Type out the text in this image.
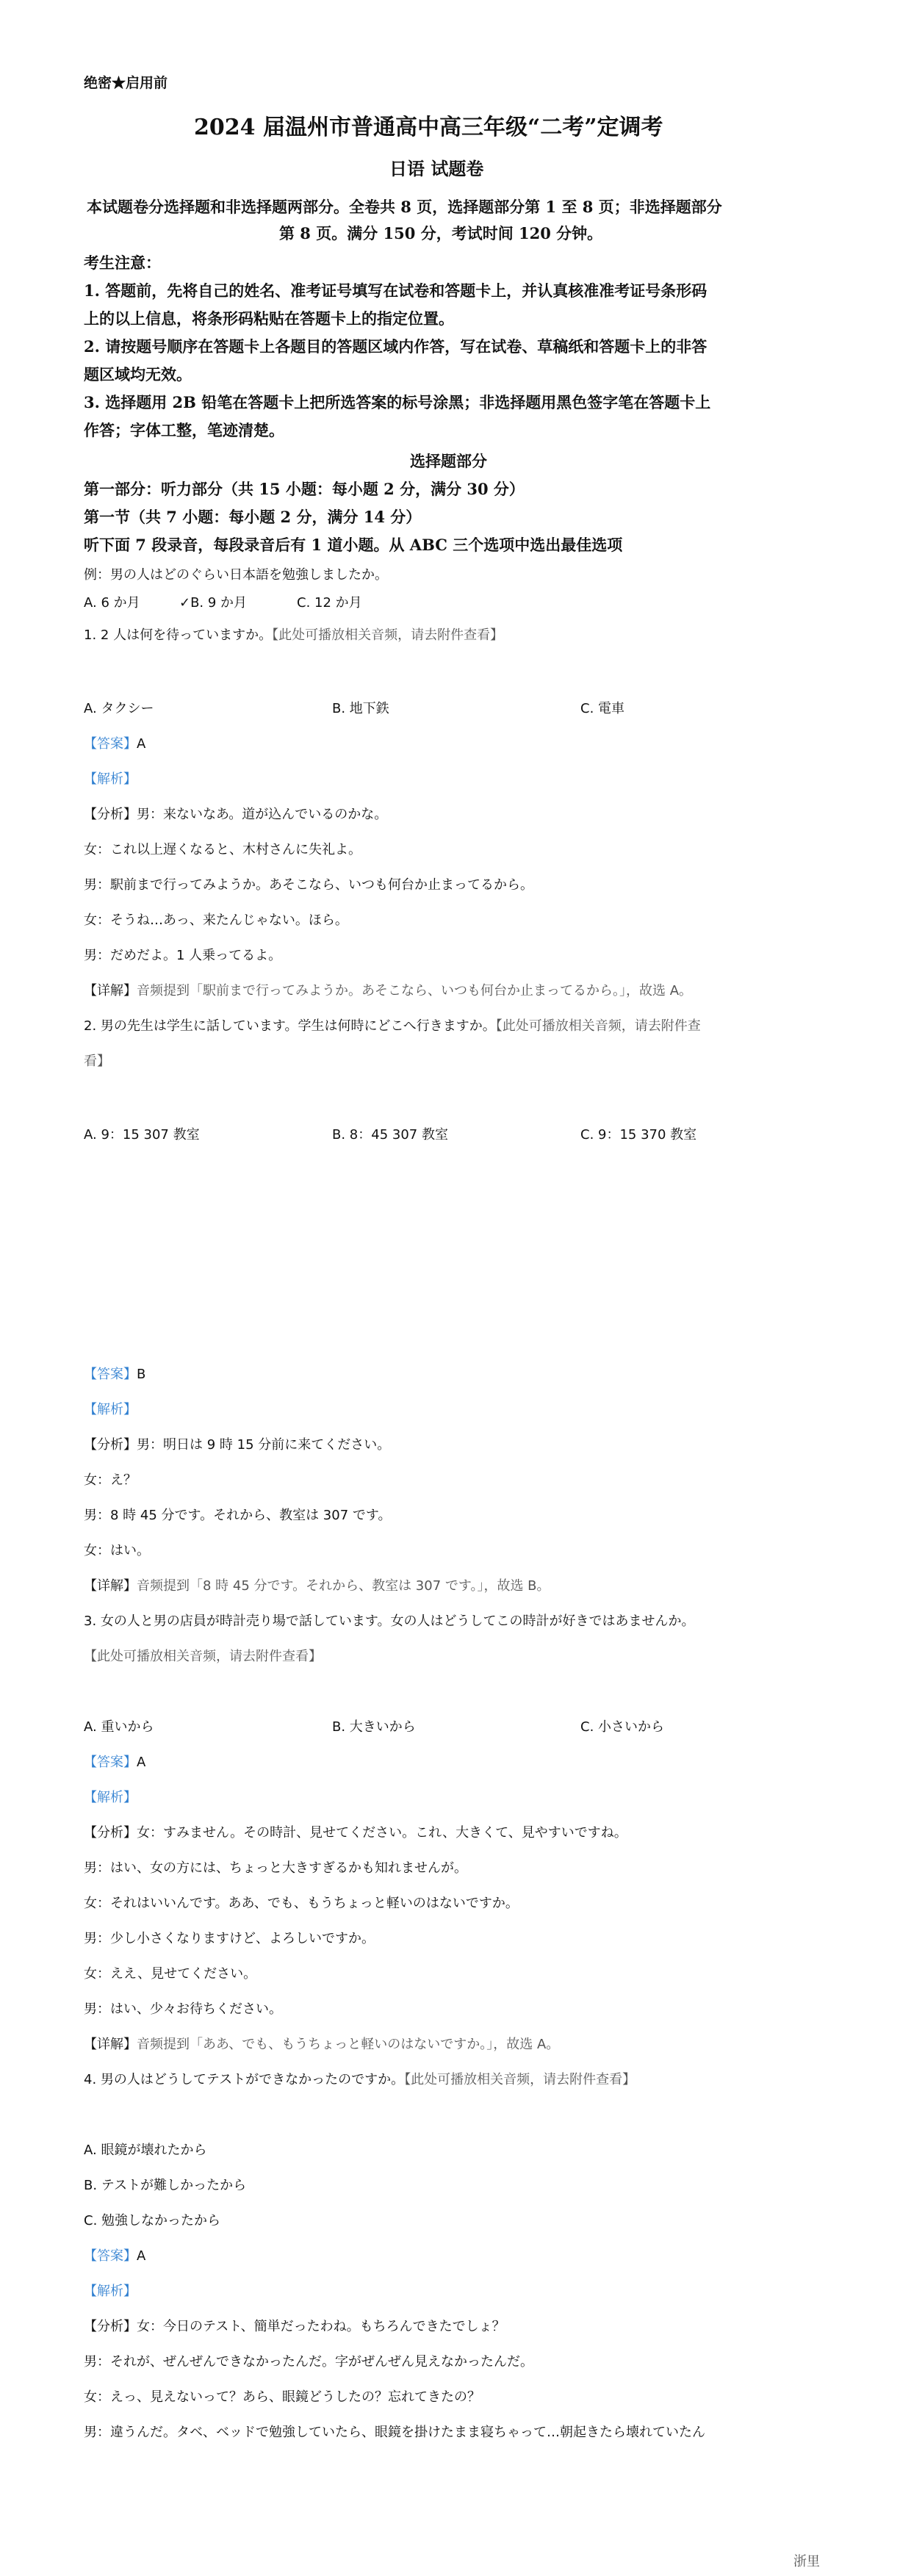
绝密★启用前
2024 届温州市普通高中高三年级“二考”定调考
日语 试题卷
本试题卷分选择题和非选择题两部分。全卷共 8 页，选择题部分第 1 至 8 页；非选择题部分
第 8 页。满分 150 分，考试时间 120 分钟。
考生注意：
1. 答题前，先将自己的姓名、准考证号填写在试卷和答题卡上，并认真核准准考证号条形码
上的以上信息，将条形码粘贴在答题卡上的指定位置。
2. 请按题号顺序在答题卡上各题目的答题区域内作答，写在试卷、草稿纸和答题卡上的非答
题区域均无效。
3. 选择题用 2B 铅笔在答题卡上把所选答案的标号涂黑；非选择题用黑色签字笔在答题卡上
作答；字体工整，笔迹清楚。
选择题部分
第一部分：听力部分（共 15 小题：每小题 2 分，满分 30 分）
第一节（共 7 小题：每小题 2 分，满分 14 分）
听下面 7 段录音，每段录音后有 1 道小题。从 ABC 三个选项中选出最佳选项
例：男の人はどのぐらい日本語を勉強しましたか。
A. 6 か月	✓B. 9 か月	C. 12 か月
1. 2 人は何を待っていますか。【此处可播放相关音频，请去附件查看】
A. タクシー	B. 地下鉄	C. 電車
【答案】A
【解析】
【分析】男：来ないなあ。道が込んでいるのかな。
女：これ以上遅くなると、木村さんに失礼よ。
男：駅前まで行ってみようか。あそこなら、いつも何台か止まってるから。
女：そうね…あっ、来たんじゃない。ほら。
男：だめだよ。1 人乗ってるよ。
【详解】音频提到「駅前まで行ってみようか。あそこなら、いつも何台か止まってるから。」，故选 A。
2. 男の先生は学生に話しています。学生は何時にどこへ行きますか。【此处可播放相关音频，请去附件查
看】
A. 9：15 307 教室	B. 8：45 307 教室	C. 9：15 370 教室
【答案】B
【解析】
【分析】男：明日は 9 時 15 分前に来てください。
女：え？
男：8 時 45 分です。それから、教室は 307 です。
女：はい。
【详解】音频提到「8 時 45 分です。それから、教室は 307 です。」，故选 B。
3. 女の人と男の店員が時計売り場で話しています。女の人はどうしてこの時計が好きではあませんか。
【此处可播放相关音频，请去附件查看】
A. 重いから	B. 大きいから	C. 小さいから
【答案】A
【解析】
【分析】女：すみません。その時計、見せてください。これ、大きくて、見やすいですね。
男：はい、女の方には、ちょっと大きすぎるかも知れませんが。
女：それはいいんです。ああ、でも、もうちょっと軽いのはないですか。
男：少し小さくなりますけど、よろしいですか。
女：ええ、見せてください。
男：はい、少々お待ちください。
【详解】音频提到「ああ、でも、もうちょっと軽いのはないですか。」，故选 A。
4. 男の人はどうしてテストができなかったのですか。【此处可播放相关音频，请去附件查看】
A. 眼鏡が壊れたから
B. テストが難しかったから
C. 勉強しなかったから
【答案】A
【解析】
【分析】女：今日のテスト、簡単だったわね。もちろんできたでしょ？
男：それが、ぜんぜんできなかったんだ。字がぜんぜん見えなかったんだ。
女：えっ、見えないって？あら、眼鏡どうしたの？忘れてきたの？
男：違うんだ。タベ、ベッドで勉強していたら、眼鏡を掛けたまま寝ちゃって…朝起きたら壊れていたん
浙里
